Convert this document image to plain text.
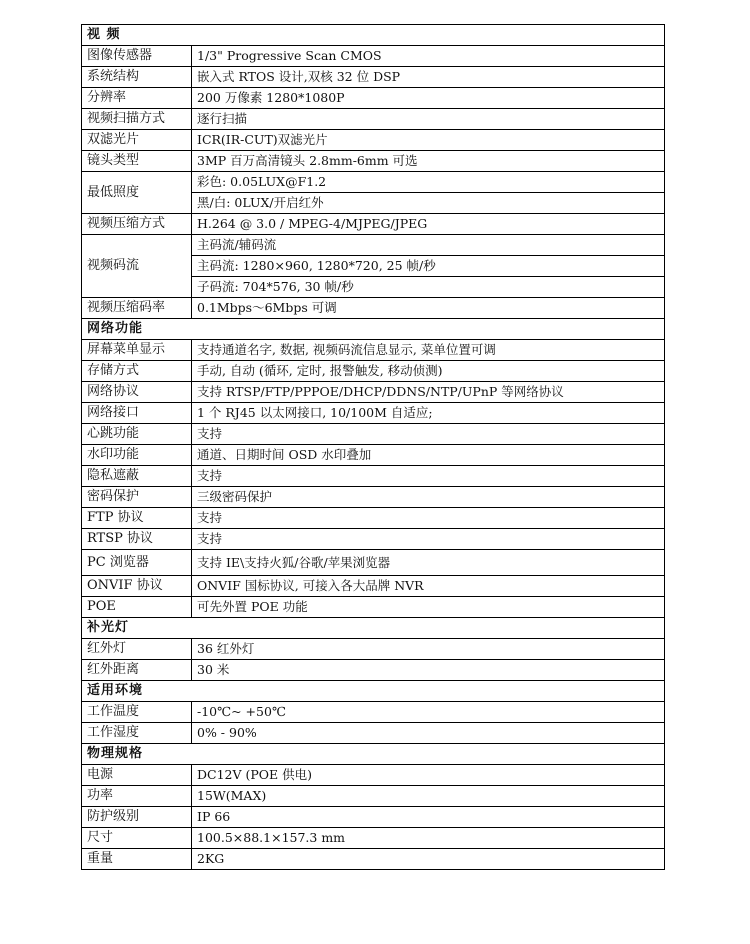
视 频	
图像传感器	1/3" Progressive Scan CMOS
系统结构	嵌入式 RTOS 设计,双核 32 位 DSP
分辨率	200 万像素 1280*1080P
视频扫描方式	逐行扫描
双滤光片	ICR(IR-CUT)双滤光片
镜头类型	3MP 百万高清镜头 2.8mm-6mm 可选
最低照度	彩色: 0.05LUX@F1.2
	黑/白: 0LUX/开启红外
视频压缩方式	H.264 @ 3.0 / MPEG-4/MJPEG/JPEG
视频码流	主码流/辅码流
	主码流: 1280×960, 1280*720, 25 帧/秒
	子码流: 704*576, 30 帧/秒
视频压缩码率	0.1Mbps～6Mbps 可调
网络功能	
屏幕菜单显示	支持通道名字, 数据, 视频码流信息显示, 菜单位置可调
存储方式	手动, 自动 (循环, 定时, 报警触发, 移动侦测)
网络协议	支持 RTSP/FTP/PPPOE/DHCP/DDNS/NTP/UPnP 等网络协议
网络接口	1 个 RJ45 以太网接口, 10/100M 自适应;
心跳功能	支持
水印功能	通道、日期时间 OSD 水印叠加
隐私遮蔽	支持
密码保护	三级密码保护
FTP 协议	支持
RTSP 协议	支持
PC 浏览器	支持 IE\支持火狐/谷歌/苹果浏览器
ONVIF 协议	ONVIF 国标协议, 可接入各大品牌 NVR
POE	可先外置 POE 功能
补光灯	
红外灯	36 红外灯
红外距离	30 米
适用环境	
工作温度	-10℃~ +50℃
工作湿度	0% - 90%
物理规格	
电源	DC12V (POE 供电)
功率	15W(MAX)
防护级别	IP 66
尺寸	100.5×88.1×157.3 mm
重量	2KG
